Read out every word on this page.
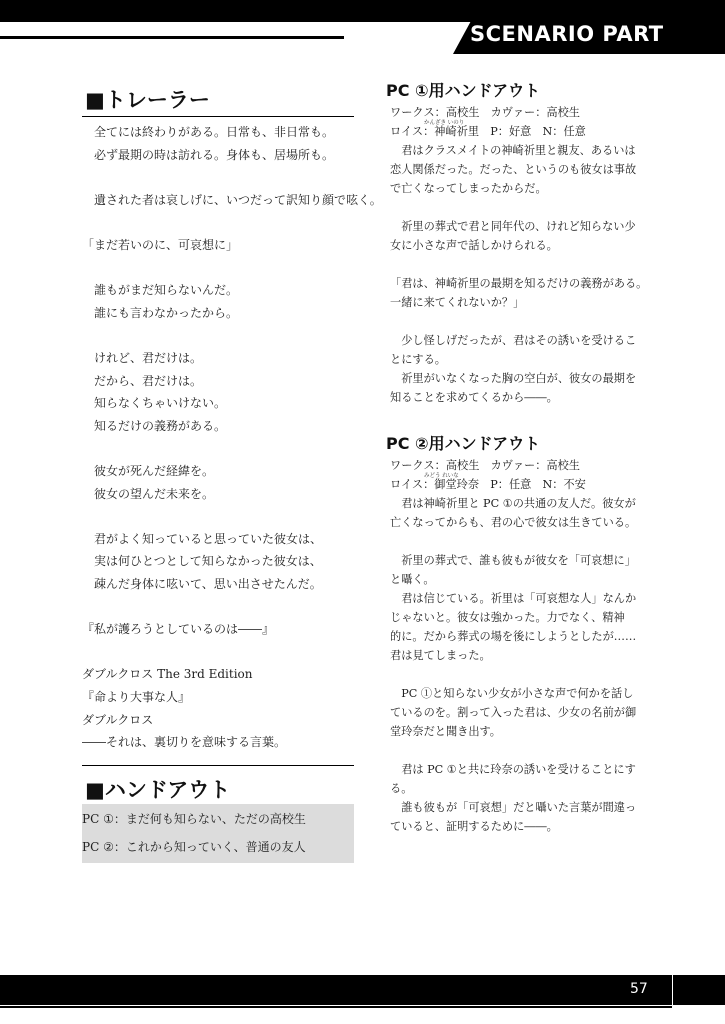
SCENARIO PART
■トレーラー
　全てには終わりがある。日常も、非日常も。
　必ず最期の時は訪れる。身体も、居場所も。
　遺された者は哀しげに、いつだって訳知り顔で呟く。
「まだ若いのに、可哀想に」
　誰もがまだ知らないんだ。
　誰にも言わなかったから。
　けれど、君だけは。
　だから、君だけは。
　知らなくちゃいけない。
　知るだけの義務がある。
　彼女が死んだ経緯を。
　彼女の望んだ未来を。
　君がよく知っていると思っていた彼女は、
　実は何ひとつとして知らなかった彼女は、
　疎んだ身体に呟いて、思い出させたんだ。
『私が護ろうとしているのは――』
ダブルクロス The 3rd Edition
『命より大事な人』
ダブルクロス
――それは、裏切りを意味する言葉。
■ハンドアウト
PC ①：まだ何も知らない、ただの高校生
PC ②：これから知っていく、普通の友人
PC ①用ハンドアウト
かんざき いのり
ワークス：高校生　カヴァー：高校生
ロイス：神崎祈里　P：好意　N：任意
　君はクラスメイトの神崎祈里と親友、あるいは
恋人関係だった。だった、というのも彼女は事故
で亡くなってしまったからだ。
　祈里の葬式で君と同年代の、けれど知らない少
女に小さな声で話しかけられる。
「君は、神崎祈里の最期を知るだけの義務がある。
一緒に来てくれないか？」
　少し怪しげだったが、君はその誘いを受けるこ
とにする。
　祈里がいなくなった胸の空白が、彼女の最期を
知ることを求めてくるから――。
PC ②用ハンドアウト
みどう れいな
ワークス：高校生　カヴァー：高校生
ロイス：御堂玲奈　P：任意　N：不安
　君は神崎祈里と PC ①の共通の友人だ。彼女が
亡くなってからも、君の心で彼女は生きている。
　祈里の葬式で、誰も彼もが彼女を「可哀想に」
と囁く。
　君は信じている。祈里は「可哀想な人」なんか
じゃないと。彼女は強かった。力でなく、精神
的に。だから葬式の場を後にしようとしたが……
君は見てしまった。
　PC ①と知らない少女が小さな声で何かを話し
ているのを。割って入った君は、少女の名前が御
堂玲奈だと聞き出す。
　君は PC ①と共に玲奈の誘いを受けることにす
る。
　誰も彼もが「可哀想」だと囁いた言葉が間違っ
ていると、証明するために――。
57
